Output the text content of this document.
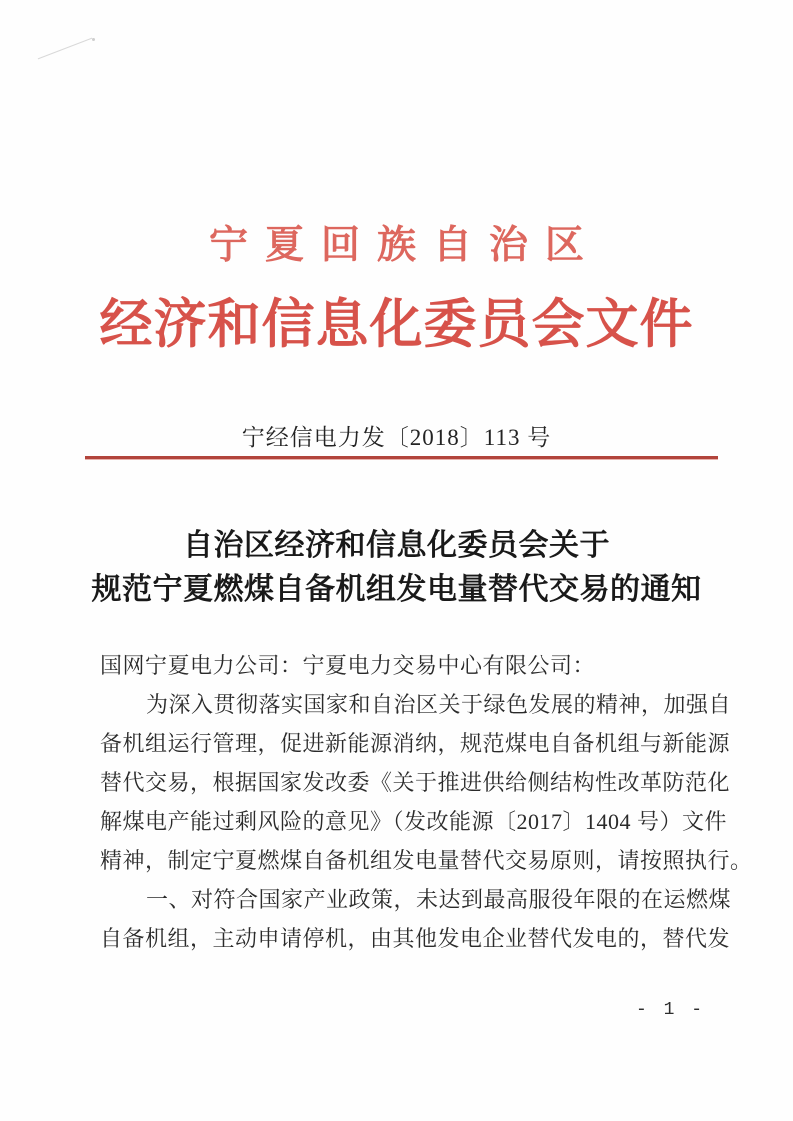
宁夏回族自治区
经济和信息化委员会文件
宁经信电力发〔2018〕113 号
自治区经济和信息化委员会关于
规范宁夏燃煤自备机组发电量替代交易的通知
国网宁夏电力公司：宁夏电力交易中心有限公司：
为深入贯彻落实国家和自治区关于绿色发展的精神，加强自
备机组运行管理，促进新能源消纳，规范煤电自备机组与新能源
替代交易，根据国家发改委《关于推进供给侧结构性改革防范化
解煤电产能过剩风险的意见》（发改能源〔2017〕1404 号）文件
精神，制定宁夏燃煤自备机组发电量替代交易原则，请按照执行。
一、对符合国家产业政策，未达到最高服役年限的在运燃煤
自备机组，主动申请停机，由其他发电企业替代发电的，替代发
- 1 -
